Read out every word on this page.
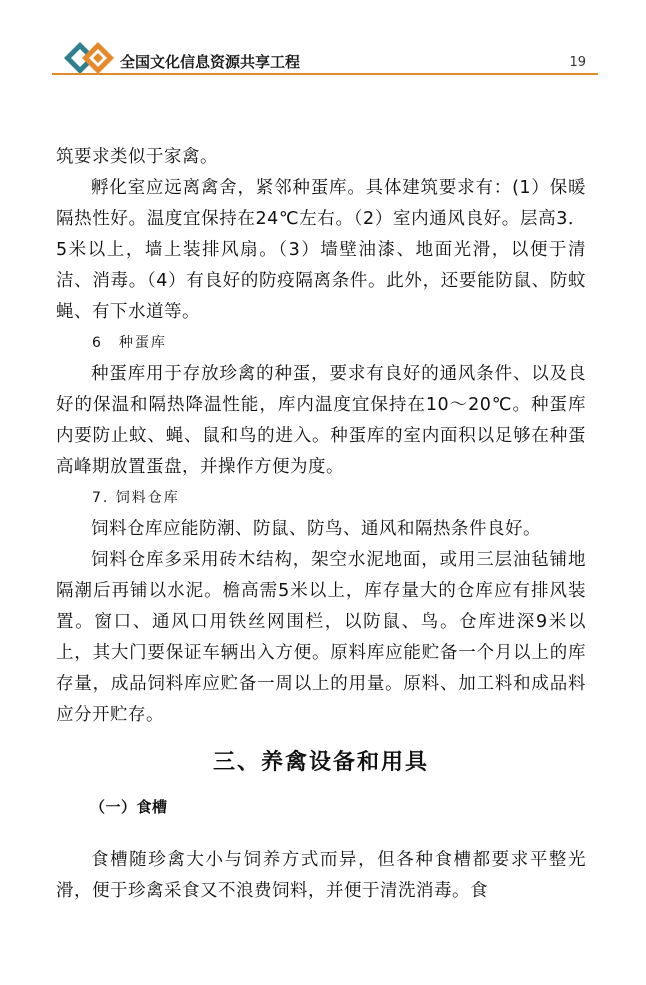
全国文化信息资源共享工程	19

筑要求类似于家禽。

孵化室应远离禽舍，紧邻种蛋库。具体建筑要求有：(1）保暖隔热性好。温度宜保持在24℃左右。（2）室内通风良好。层高3．5米以上，墙上装排风扇。（3）墙壁油漆、地面光滑，以便于清洁、消毒。（4）有良好的防疫隔离条件。此外，还要能防鼠、防蚊蝇、有下水道等。

6　种蛋库

种蛋库用于存放珍禽的种蛋，要求有良好的通风条件、以及良好的保温和隔热降温性能，库内温度宜保持在10～20℃。种蛋库内要防止蚊、蝇、鼠和鸟的进入。种蛋库的室内面积以足够在种蛋高峰期放置蛋盘，并操作方便为度。

7. 饲料仓库

饲料仓库应能防潮、防鼠、防鸟、通风和隔热条件良好。

饲料仓库多采用砖木结构，架空水泥地面，或用三层油毡铺地隔潮后再铺以水泥。檐高需5米以上，库存量大的仓库应有排风装置。窗口、通风口用铁丝网围栏，以防鼠、鸟。仓库进深9米以上，其大门要保证车辆出入方便。原料库应能贮备一个月以上的库存量，成品饲料库应贮备一周以上的用量。原料、加工料和成品料应分开贮存。

三、养禽设备和用具
（一）食槽

食槽随珍禽大小与饲养方式而异，但各种食槽都要求平整光滑，便于珍禽采食又不浪费饲料，并便于清洗消毒。食
